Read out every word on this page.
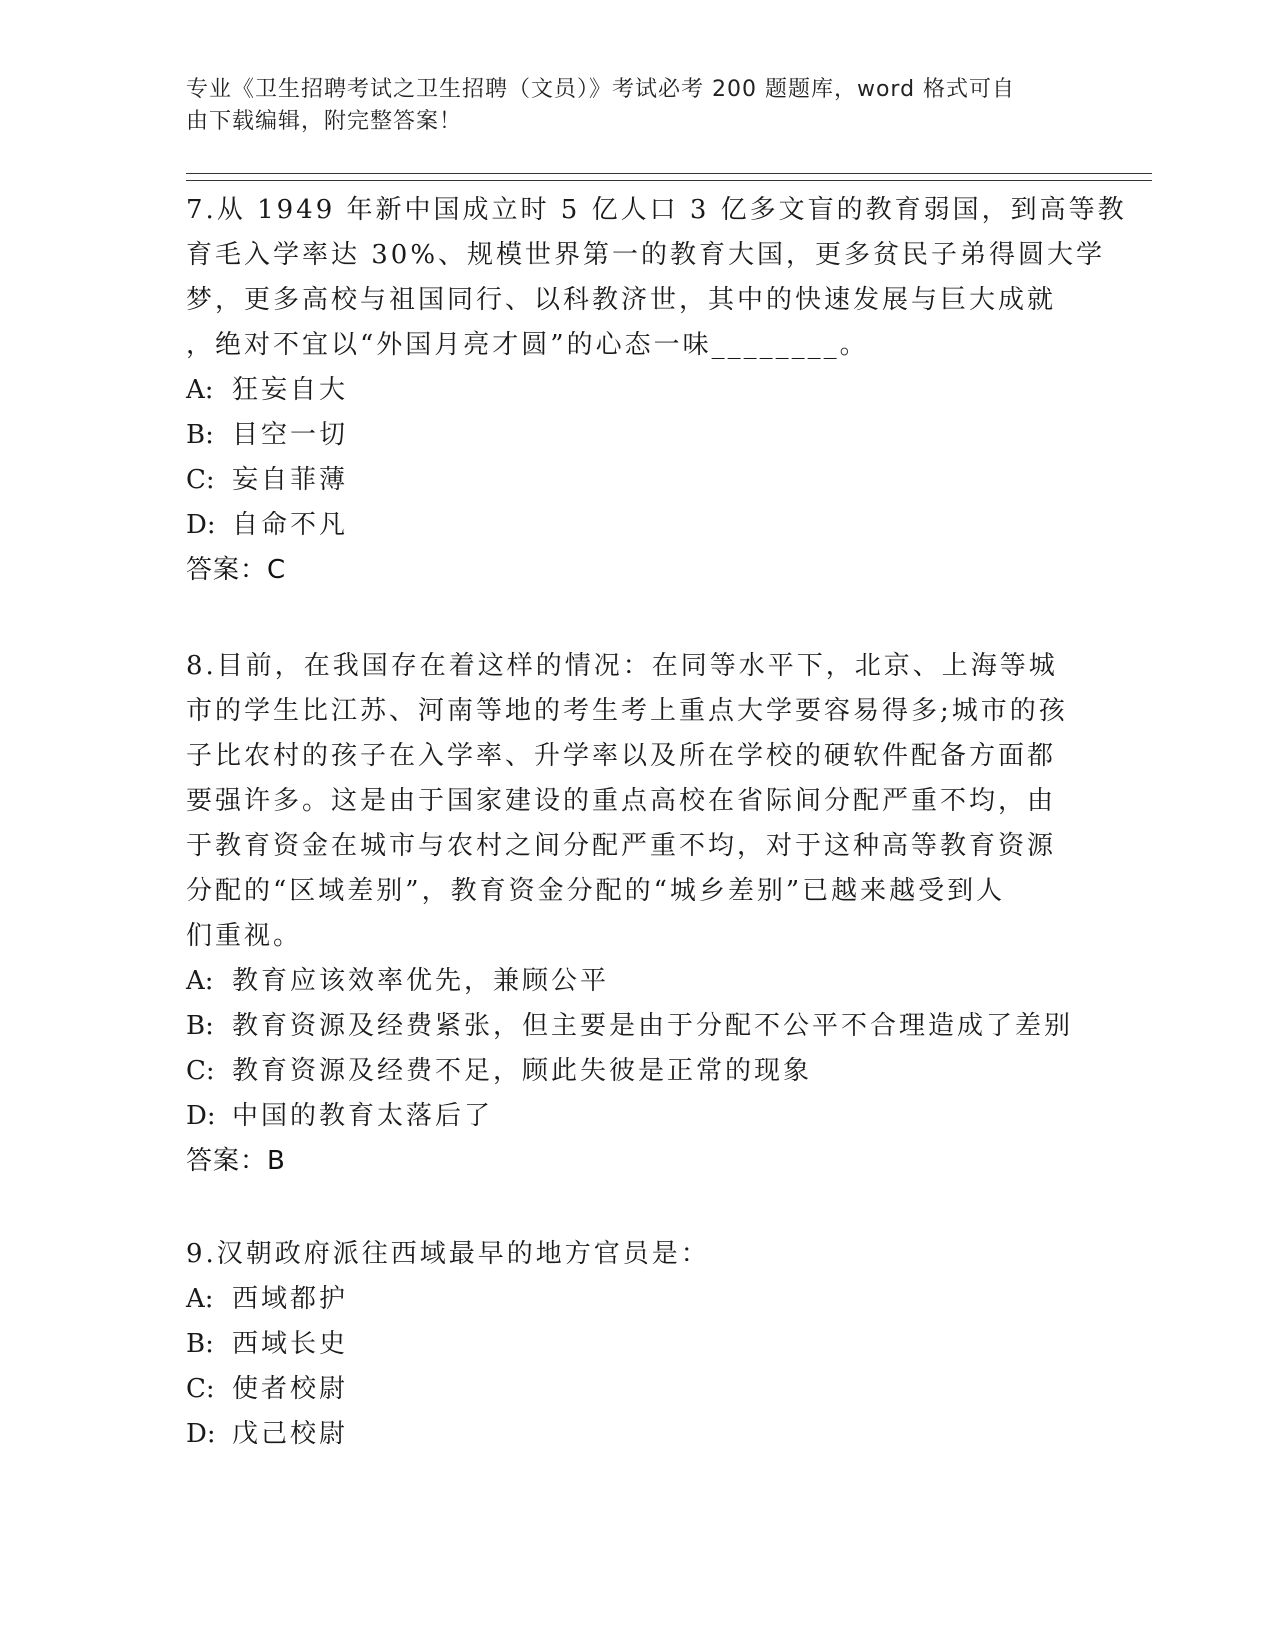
专业《卫生招聘考试之卫生招聘（文员）》考试必考 200 题题库，word 格式可自
由下载编辑，附完整答案！
7.从 1949 年新中国成立时 5 亿人口 3 亿多文盲的教育弱国，到高等教
育毛入学率达 30%、规模世界第一的教育大国，更多贫民子弟得圆大学
梦，更多高校与祖国同行、以科教济世，其中的快速发展与巨大成就
，绝对不宜以“外国月亮才圆”的心态一味________。
A: 狂妄自大
B: 目空一切
C: 妄自菲薄
D: 自命不凡
答案：C
8.目前，在我国存在着这样的情况：在同等水平下，北京、上海等城
市的学生比江苏、河南等地的考生考上重点大学要容易得多;城市的孩
子比农村的孩子在入学率、升学率以及所在学校的硬软件配备方面都
要强许多。这是由于国家建设的重点高校在省际间分配严重不均，由
于教育资金在城市与农村之间分配严重不均，对于这种高等教育资源
分配的“区域差别”，教育资金分配的“城乡差别”已越来越受到人
们重视。
A: 教育应该效率优先，兼顾公平
B: 教育资源及经费紧张，但主要是由于分配不公平不合理造成了差别
C: 教育资源及经费不足，顾此失彼是正常的现象
D: 中国的教育太落后了
答案：B
9.汉朝政府派往西域最早的地方官员是：
A: 西域都护
B: 西域长史
C: 使者校尉
D: 戊己校尉
